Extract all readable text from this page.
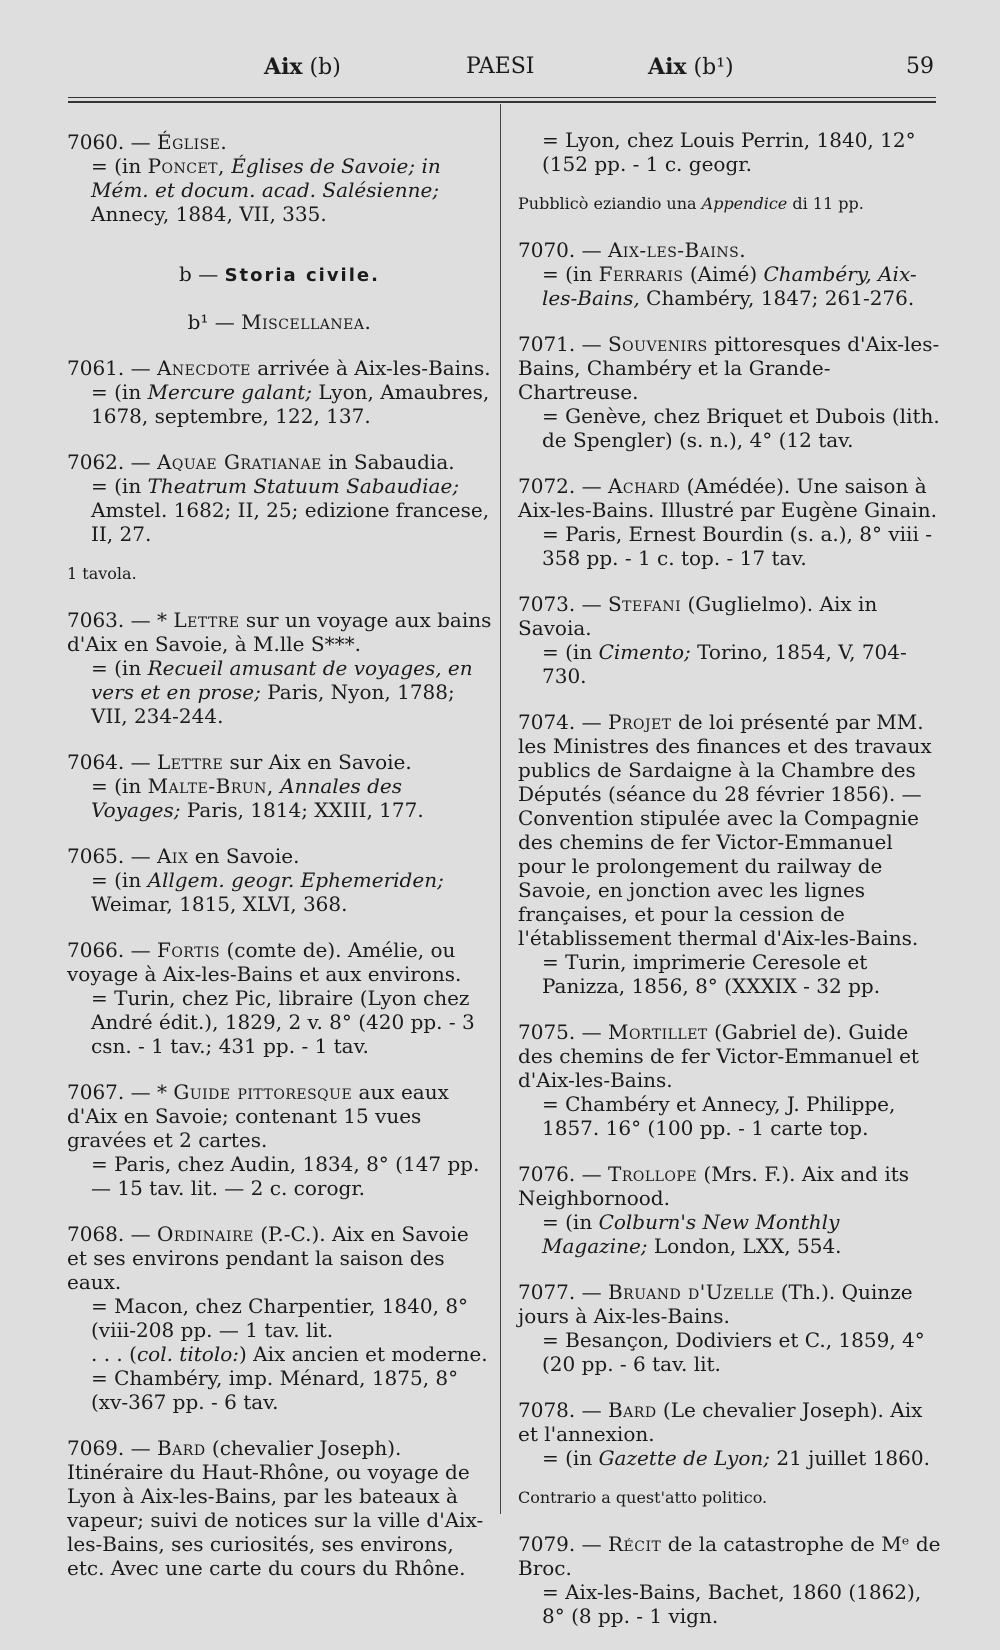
Aix (b)	PAESI	Aix (b¹)	59

7060. — Église.

= (in Poncet, Églises de Savoie; in Mém. et docum. acad. Salésienne; Annecy, 1884, VII, 335.

b — Storia civile.
b¹ — Miscellanea.

7061. — Anecdote arrivée à Aix-les-Bains.

= (in Mercure galant; Lyon, Amaubres, 1678, septembre, 122, 137.

7062. — Aquae Gratianae in Sabaudia.

= (in Theatrum Statuum Sabaudiae; Amstel. 1682; II, 25; edizione francese, II, 27.

1 tavola.

7063. — * Lettre sur un voyage aux bains d'Aix en Savoie, à M.lle S***.

= (in Recueil amusant de voyages, en vers et en prose; Paris, Nyon, 1788; VII, 234-244.

7064. — Lettre sur Aix en Savoie.

= (in Malte-Brun, Annales des Voyages; Paris, 1814; XXIII, 177.

7065. — Aix en Savoie.

= (in Allgem. geogr. Ephemeriden; Weimar, 1815, XLVI, 368.

7066. — Fortis (comte de). Amélie, ou voyage à Aix-les-Bains et aux environs.

= Turin, chez Pic, libraire (Lyon chez André édit.), 1829, 2 v. 8° (420 pp. - 3 csn. - 1 tav.; 431 pp. - 1 tav.

7067. — * Guide pittoresque aux eaux d'Aix en Savoie; contenant 15 vues gravées et 2 cartes.

= Paris, chez Audin, 1834, 8° (147 pp. — 15 tav. lit. — 2 c. corogr.

7068. — Ordinaire (P.-C.). Aix en Savoie et ses environs pendant la saison des eaux.

= Macon, chez Charpentier, 1840, 8° (viii-208 pp. — 1 tav. lit.

. . . (col. titolo:) Aix ancien et moderne.

= Chambéry, imp. Ménard, 1875, 8° (xv-367 pp. - 6 tav.

7069. — Bard (chevalier Joseph). Itinéraire du Haut-Rhône, ou voyage de Lyon à Aix-les-Bains, par les bateaux à vapeur; suivi de notices sur la ville d'Aix-les-Bains, ses curiosités, ses environs, etc. Avec une carte du cours du Rhône.

= Lyon, chez Louis Perrin, 1840, 12° (152 pp. - 1 c. geogr.

Pubblicò eziandio una Appendice di 11 pp.

7070. — Aix-les-Bains.

= (in Ferraris (Aimé) Chambéry, Aix-les-Bains, Chambéry, 1847; 261-276.

7071. — Souvenirs pittoresques d'Aix-les-Bains, Chambéry et la Grande-Chartreuse.

= Genève, chez Briquet et Dubois (lith. de Spengler) (s. n.), 4° (12 tav.

7072. — Achard (Amédée). Une saison à Aix-les-Bains. Illustré par Eugène Ginain.

= Paris, Ernest Bourdin (s. a.), 8° viii - 358 pp. - 1 c. top. - 17 tav.

7073. — Stefani (Guglielmo). Aix in Savoia.

= (in Cimento; Torino, 1854, V, 704-730.

7074. — Projet de loi présenté par MM. les Ministres des finances et des travaux publics de Sardaigne à la Chambre des Députés (séance du 28 février 1856). — Convention stipulée avec la Compagnie des chemins de fer Victor-Emmanuel pour le prolongement du railway de Savoie, en jonction avec les lignes françaises, et pour la cession de l'établissement thermal d'Aix-les-Bains.

= Turin, imprimerie Ceresole et Panizza, 1856, 8° (XXXIX - 32 pp.

7075. — Mortillet (Gabriel de). Guide des chemins de fer Victor-Emmanuel et d'Aix-les-Bains.

= Chambéry et Annecy, J. Philippe, 1857. 16° (100 pp. - 1 carte top.

7076. — Trollope (Mrs. F.). Aix and its Neighbornood.

= (in Colburn's New Monthly Magazine; London, LXX, 554.

7077. — Bruand d'Uzelle (Th.). Quinze jours à Aix-les-Bains.

= Besançon, Dodiviers et C., 1859, 4° (20 pp. - 6 tav. lit.

7078. — Bard (Le chevalier Joseph). Aix et l'annexion.

= (in Gazette de Lyon; 21 juillet 1860.

Contrario a quest'atto politico.

7079. — Récit de la catastrophe de Mᵉ de Broc.

= Aix-les-Bains, Bachet, 1860 (1862), 8° (8 pp. - 1 vign.
